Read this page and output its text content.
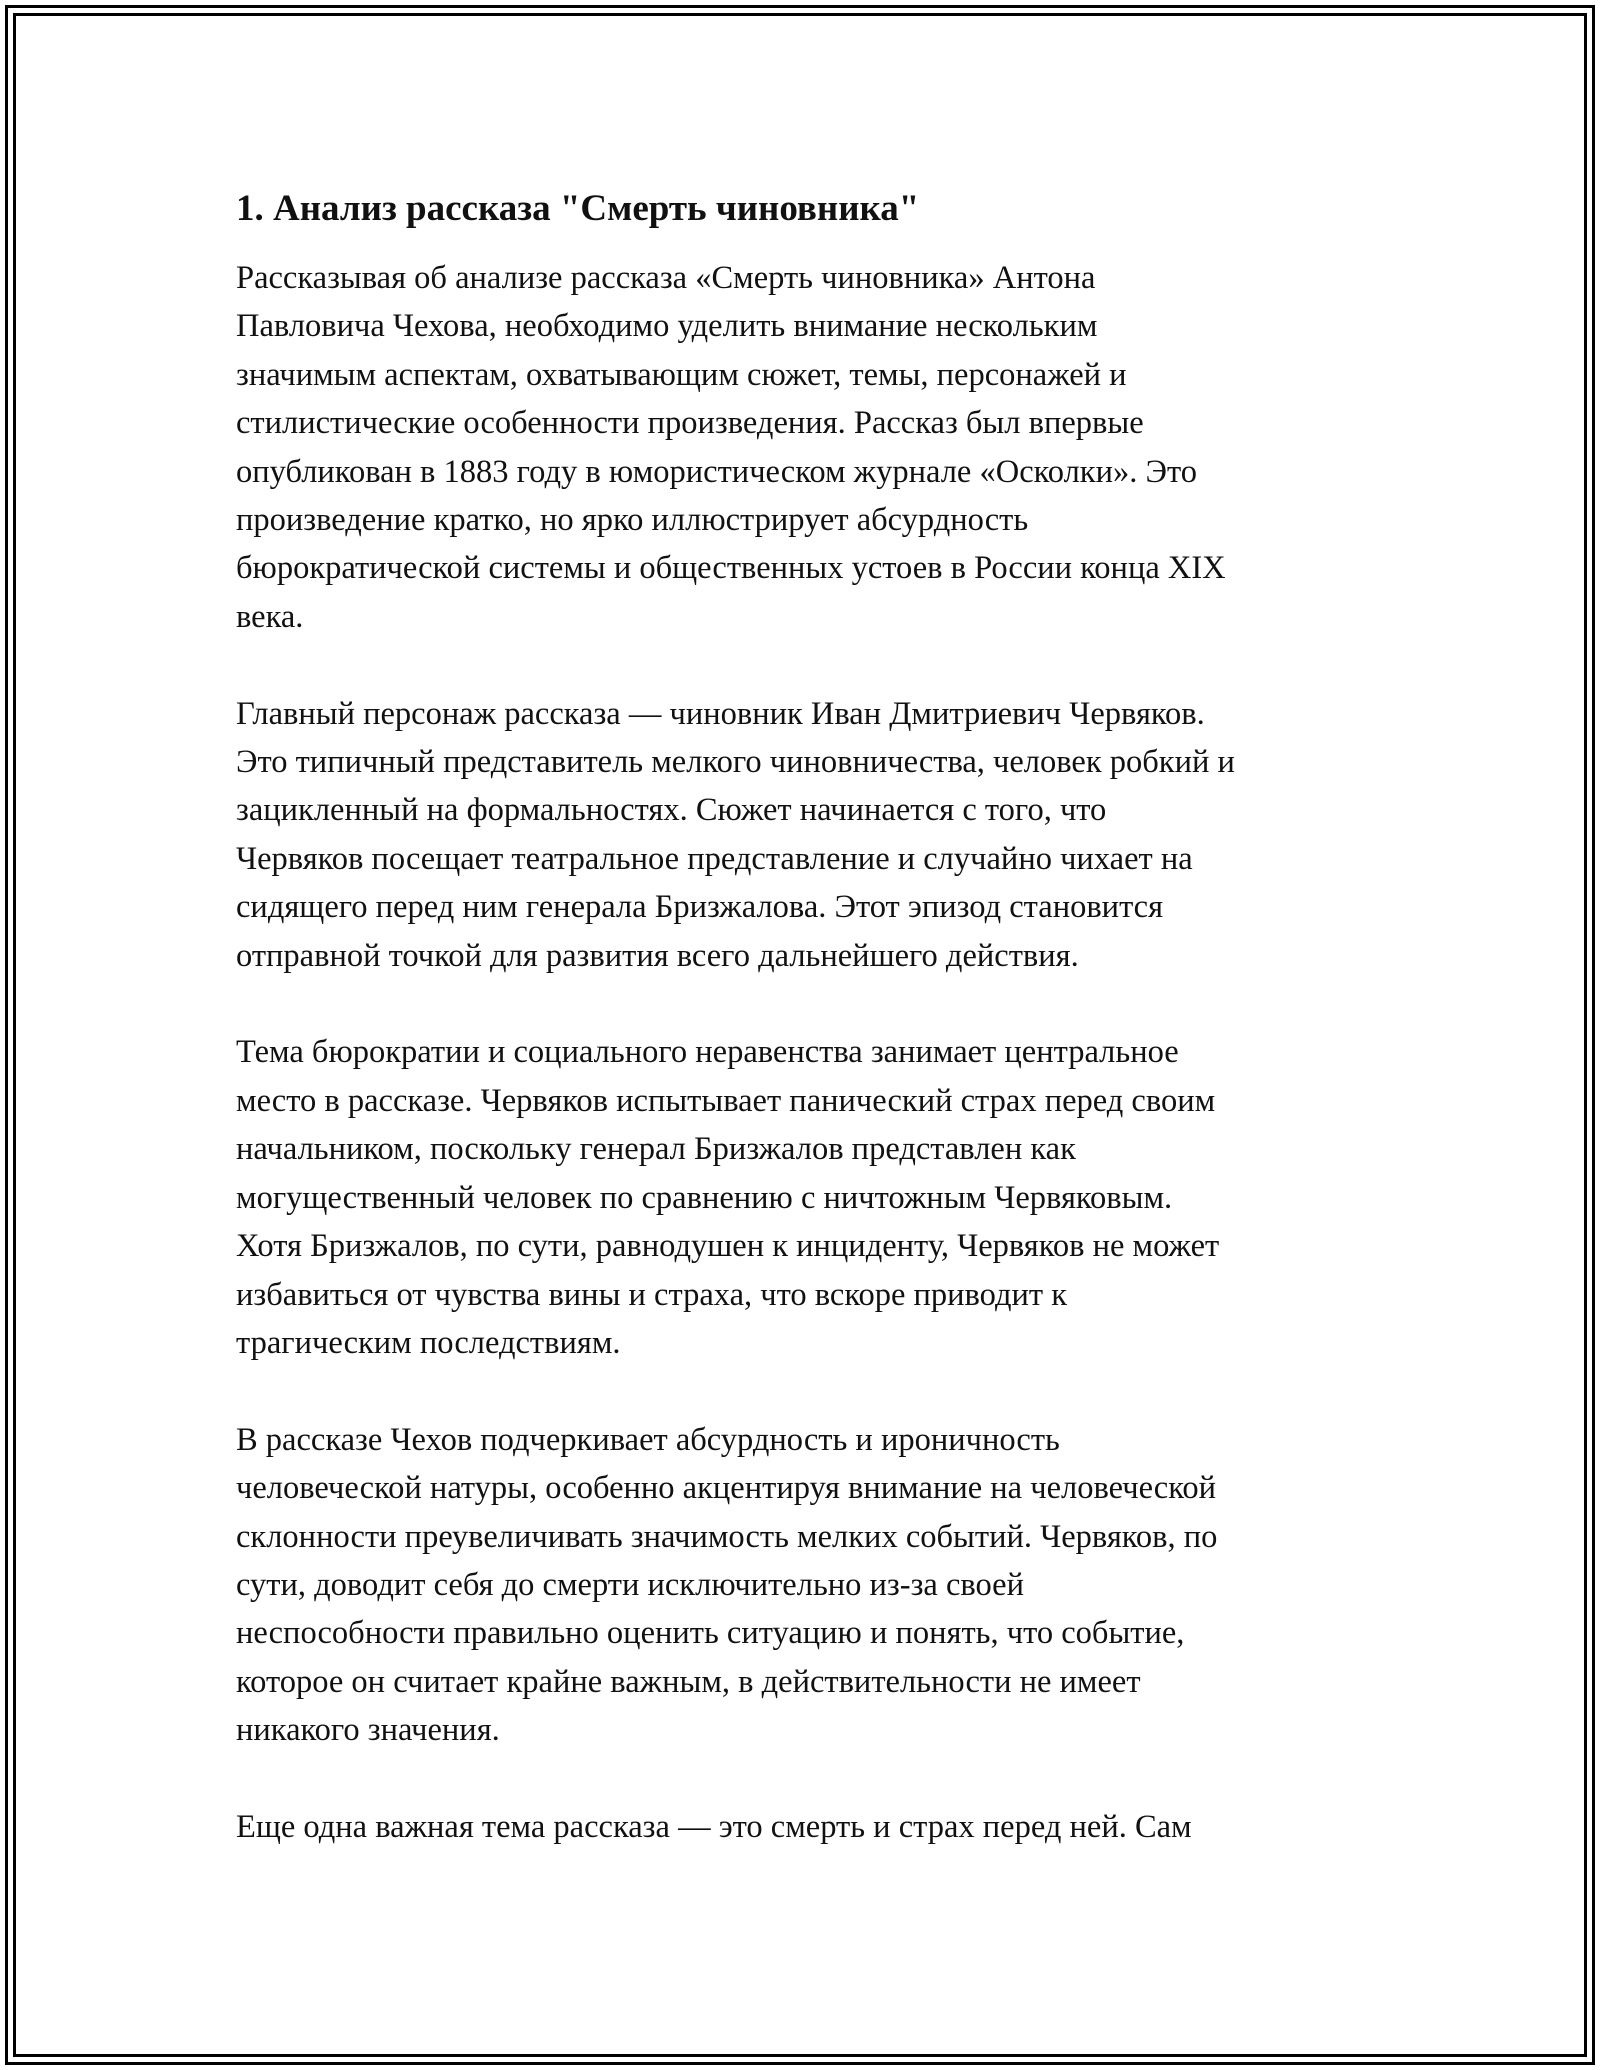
1. Анализ рассказа "Смерть чиновника"

Рассказывая об анализе рассказа «Смерть чиновника» Антона
Павловича Чехова, необходимо уделить внимание нескольким
значимым аспектам, охватывающим сюжет, темы, персонажей и
стилистические особенности произведения. Рассказ был впервые
опубликован в 1883 году в юмористическом журнале «Осколки». Это
произведение кратко, но ярко иллюстрирует абсурдность
бюрократической системы и общественных устоев в России конца XIX
века.

Главный персонаж рассказа — чиновник Иван Дмитриевич Червяков.
Это типичный представитель мелкого чиновничества, человек робкий и
зацикленный на формальностях. Сюжет начинается с того, что
Червяков посещает театральное представление и случайно чихает на
сидящего перед ним генерала Бризжалова. Этот эпизод становится
отправной точкой для развития всего дальнейшего действия.

Тема бюрократии и социального неравенства занимает центральное
место в рассказе. Червяков испытывает панический страх перед своим
начальником, поскольку генерал Бризжалов представлен как
могущественный человек по сравнению с ничтожным Червяковым.
Хотя Бризжалов, по сути, равнодушен к инциденту, Червяков не может
избавиться от чувства вины и страха, что вскоре приводит к
трагическим последствиям.

В рассказе Чехов подчеркивает абсурдность и ироничность
человеческой натуры, особенно акцентируя внимание на человеческой
склонности преувеличивать значимость мелких событий. Червяков, по
сути, доводит себя до смерти исключительно из-за своей
неспособности правильно оценить ситуацию и понять, что событие,
которое он считает крайне важным, в действительности не имеет
никакого значения.

Еще одна важная тема рассказа — это смерть и страх перед ней. Сам
